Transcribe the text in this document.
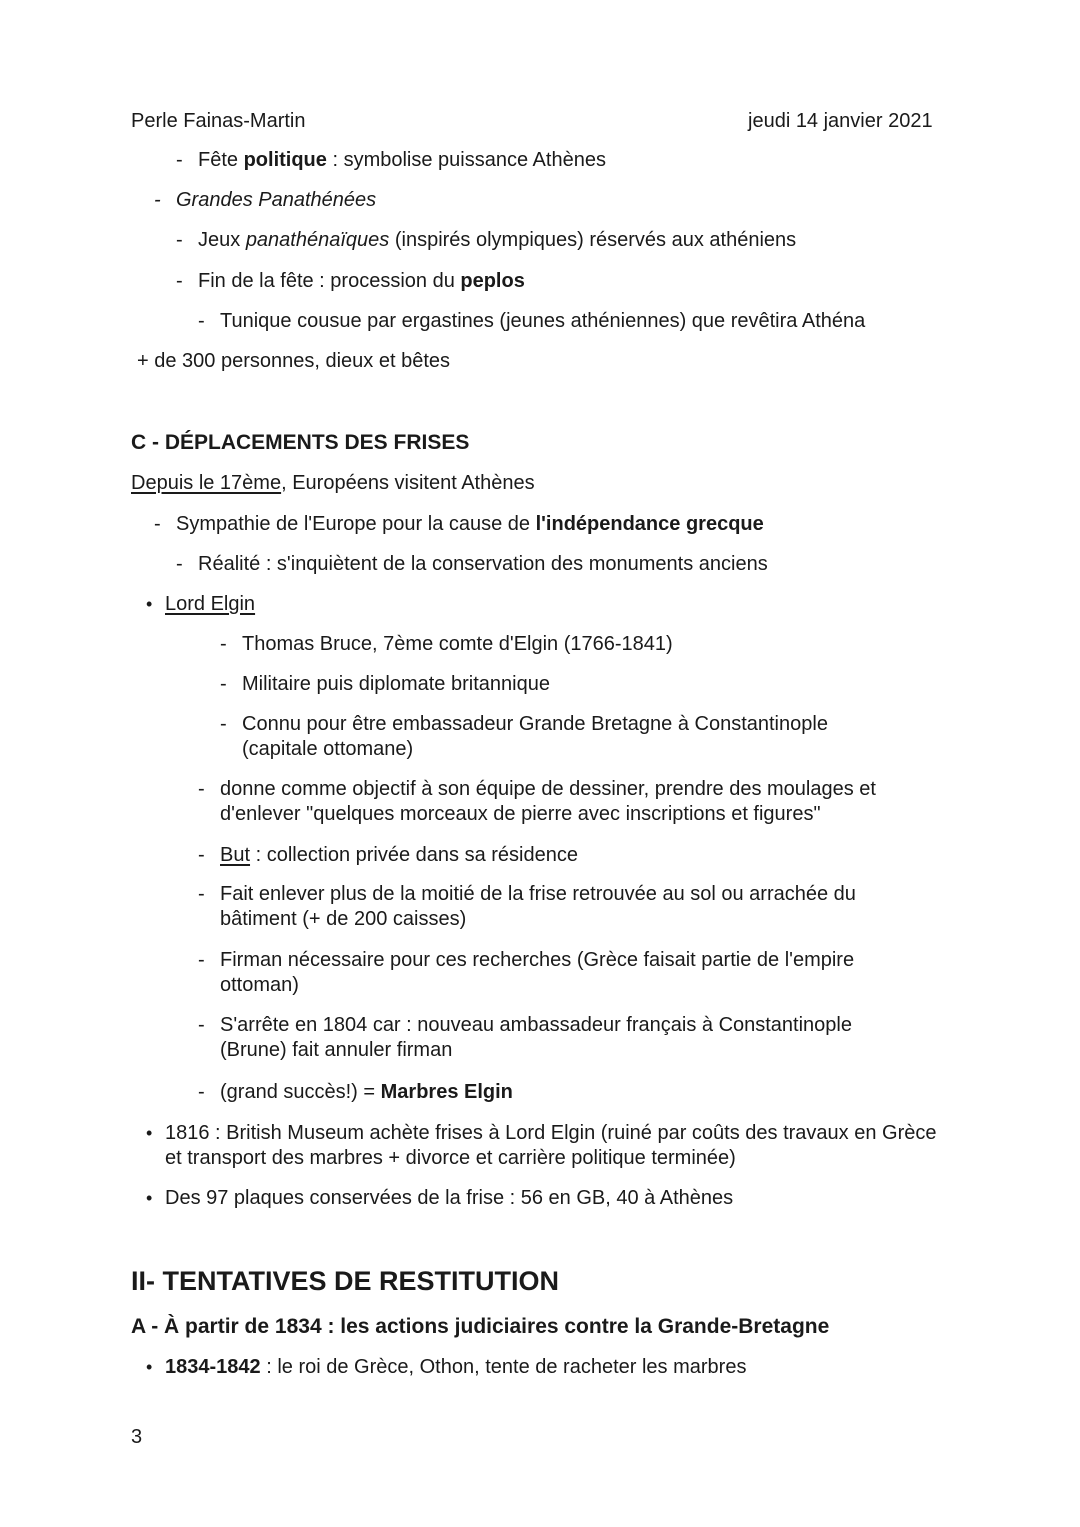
Perle Fainas-Martin	jeudi 14 janvier 2021
- Fête politique : symbolise puissance Athènes
- Grandes Panathénées
- Jeux panathénaïques (inspirés olympiques) réservés aux athéniens
- Fin de la fête : procession du peplos
- Tunique cousue par ergastines (jeunes athéniennes) que revêtira Athéna
+ de 300 personnes, dieux et bêtes
C - DÉPLACEMENTS DES FRISES
Depuis le 17ème, Européens visitent Athènes
- Sympathie de l'Europe pour la cause de l'indépendance grecque
- Réalité : s'inquiètent de la conservation des monuments anciens
• Lord Elgin
- Thomas Bruce, 7ème comte d'Elgin (1766-1841)
- Militaire puis diplomate britannique
- Connu pour être embassadeur Grande Bretagne à Constantinople (capitale ottomane)
- donne comme objectif à son équipe de dessiner, prendre des moulages et d'enlever "quelques morceaux de pierre avec inscriptions et figures"
- But : collection privée dans sa résidence
- Fait enlever plus de la moitié de la frise retrouvée au sol ou arrachée du bâtiment (+ de 200 caisses)
- Firman nécessaire pour ces recherches (Grèce faisait partie de l'empire ottoman)
- S'arrête en 1804 car : nouveau ambassadeur français à Constantinople (Brune) fait annuler firman
- (grand succès!) = Marbres Elgin
• 1816 : British Museum achète frises à Lord Elgin (ruiné par coûts des travaux en Grèce et transport des marbres + divorce et carrière politique terminée)
• Des 97 plaques conservées de la frise : 56 en GB, 40 à Athènes
II- TENTATIVES DE RESTITUTION
A - À partir de 1834 : les actions judiciaires contre la Grande-Bretagne
• 1834-1842 : le roi de Grèce, Othon, tente de racheter les marbres
3
